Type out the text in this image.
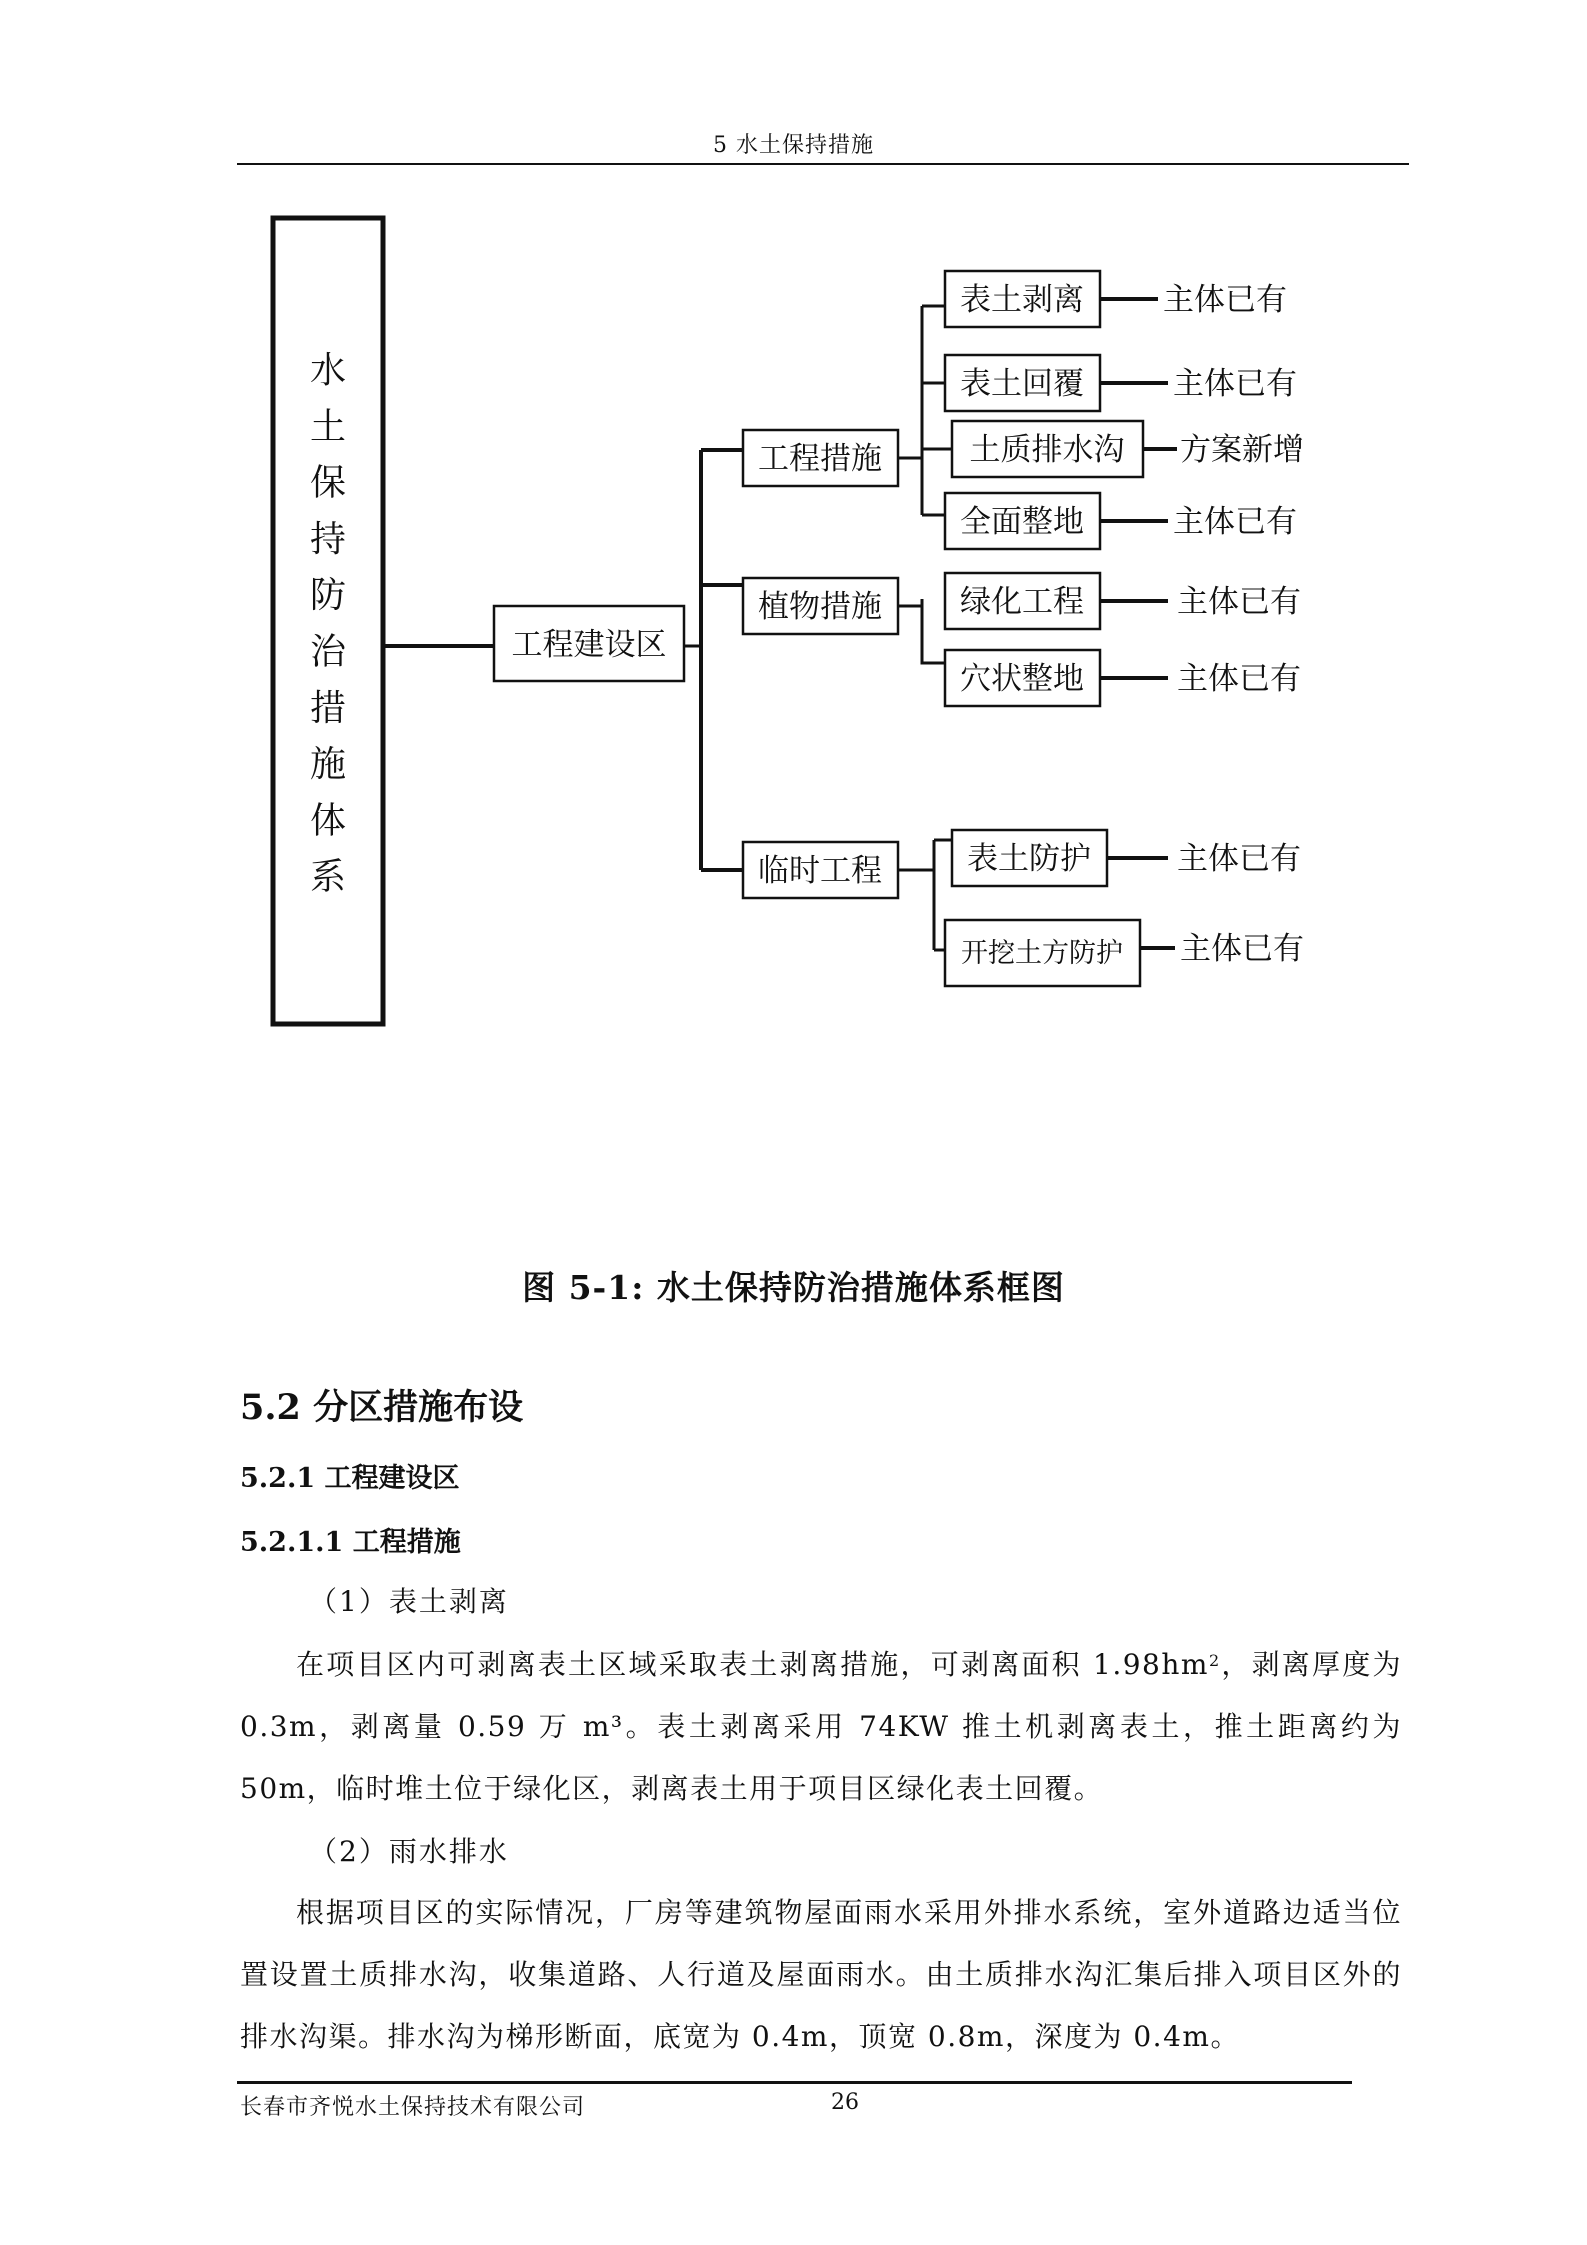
5 水土保持措施
水土保持防治措施体系
工程建设区
工程措施
植物措施
临时工程
表土剥离
表土回覆
土质排水沟
全面整地
绿化工程
穴状整地
表土防护
开挖土方防护
主体已有
主体已有
方案新增
主体已有
主体已有
主体已有
主体已有
主体已有
图 5-1: 水土保持防治措施体系框图
5.2 分区措施布设
5.2.1 工程建设区
5.2.1.1 工程措施
（1）表土剥离

在项目区内可剥离表土区域采取表土剥离措施，可剥离面积 $1.98hm^2$，剥离厚度为 0.3m，剥离量 0.59 万 m³。表土剥离采用 74KW 推土机剥离表土，推土距离约为 50m，临时堆土位于绿化区，剥离表土用于项目区绿化表土回覆。

（2）雨水排水

根据项目区的实际情况，厂房等建筑物屋面雨水采用外排水系统，室外道路边适当位置设置土质排水沟，收集道路、人行道及屋面雨水。由土质排水沟汇集后排入项目区外的排水沟渠。排水沟为梯形断面，底宽为 0.4m，顶宽 0.8m，深度为 0.4m。

长春市齐悦水土保持技术有限公司	26
